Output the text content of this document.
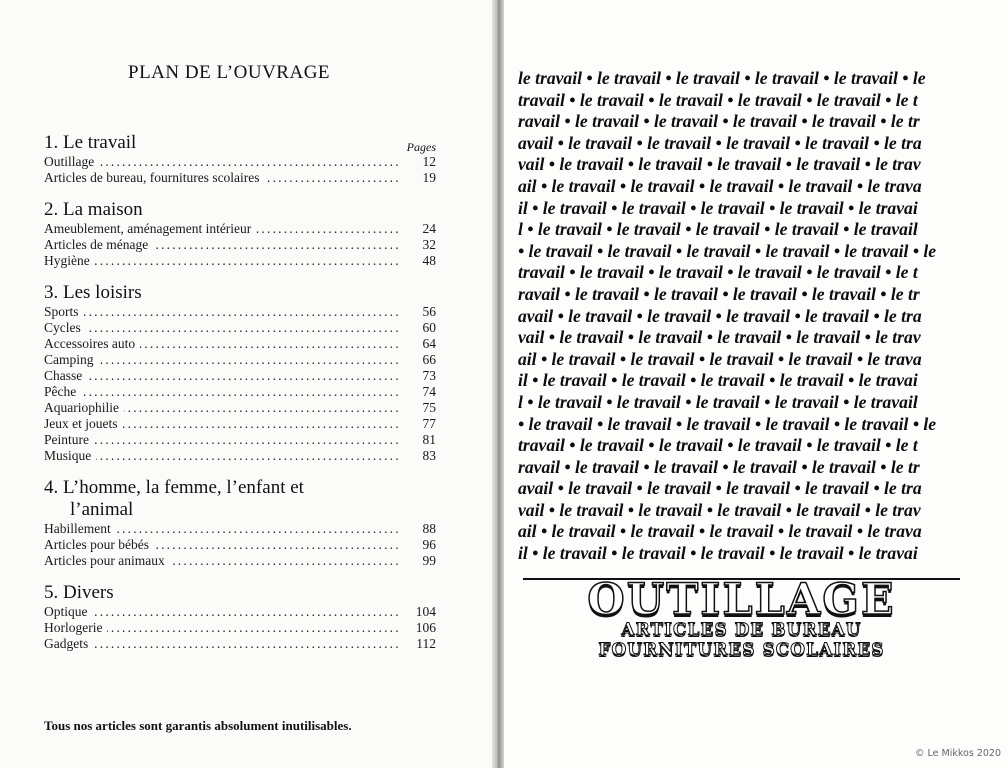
PLAN DE L’OUVRAGE
1. Le travail	Pages
Outillage .....	12
Articles de bureau, fournitures scolaires .....	19
2. La maison
Ameublement, aménagement intérieur .....	24
Articles de ménage .....	32
Hygiène .....	48
3. Les loisirs
Sports .....	56
Cycles .....	60
Accessoires auto .....	64
Camping .....	66
Chasse .....	73
Pêche .....	74
Aquariophilie .....	75
Jeux et jouets .....	77
Peinture .....	81
Musique .....	83
4. L’homme, la femme, l’enfant et
l’animal
Habillement .....	88
Articles pour bébés .....	96
Articles pour animaux .....	99
5. Divers
Optique .....	104
Horlogerie .....	106
Gadgets .....	112
Tous nos articles sont garantis absolument inutilisables.
le travail • le travail • le travail • le travail • le travail • le
travail • le travail • le travail • le travail • le travail • le t
ravail • le travail • le travail • le travail • le travail • le tr
avail • le travail • le travail • le travail • le travail • le tra
vail • le travail • le travail • le travail • le travail • le trav
ail • le travail • le travail • le travail • le travail • le trava
il • le travail • le travail • le travail • le travail • le travai
l • le travail • le travail • le travail • le travail • le travail
• le travail • le travail • le travail • le travail • le travail • le
travail • le travail • le travail • le travail • le travail • le t
ravail • le travail • le travail • le travail • le travail • le tr
avail • le travail • le travail • le travail • le travail • le tra
vail • le travail • le travail • le travail • le travail • le trav
ail • le travail • le travail • le travail • le travail • le trava
il • le travail • le travail • le travail • le travail • le travai
l • le travail • le travail • le travail • le travail • le travail
• le travail • le travail • le travail • le travail • le travail • le
travail • le travail • le travail • le travail • le travail • le t
ravail • le travail • le travail • le travail • le travail • le tr
avail • le travail • le travail • le travail • le travail • le tra
vail • le travail • le travail • le travail • le travail • le trav
ail • le travail • le travail • le travail • le travail • le trava
il • le travail • le travail • le travail • le travail • le travai
OUTILLAGE
ARTICLES DE BUREAU
FOURNITURES SCOLAIRES
© Le Mikkos 2020
